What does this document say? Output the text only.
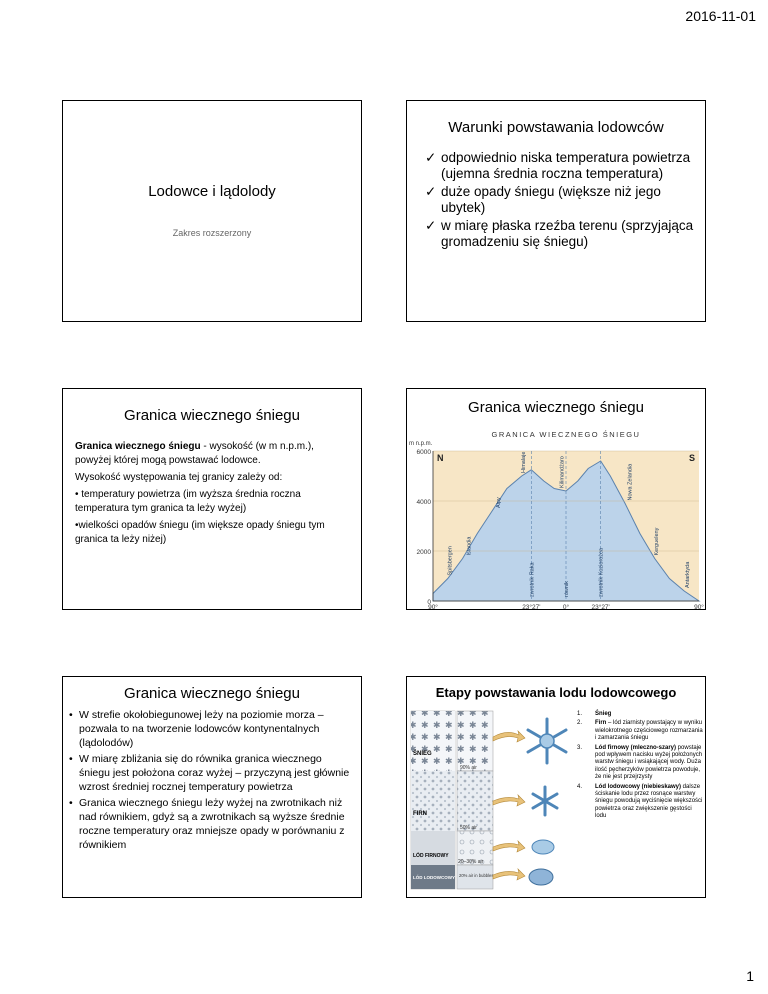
2016-11-01
Lodowce i lądolody
Zakres rozszerzony
Warunki powstawania lodowców
✓ odpowiednio niska temperatura powietrza (ujemna średnia roczna temperatura)
✓ duże opady śniegu (większe niż jego ubytek)
✓ w miarę płaska rzeźba terenu (sprzyjająca gromadzeniu się śniegu)
Granica wiecznego śniegu

Granica wiecznego śniegu - wysokość (w m n.p.m.), powyżej której mogą powstawać lodowce.

Wysokość występowania tej granicy zależy od:

• temperatury powietrza (im wyższa średnia roczna temperatura tym granica ta leży wyżej)

•wielkości opadów śniegu (im większe opady śniegu tym granica ta leży niżej)

Granica wiecznego śniegu
GRANICA WIECZNEGO ŚNIEGU
6000
4000
2000
0
m n.p.m.
N	S
90°	23°27'	0°	23°27'	90°
Spitsbergen
Islandia
Alpy
Himalaje
zwrotnik Raka
Kilimandżaro
równik	zwrotnik Koziorożca
Nowa Zelandia
Kergueleny
Antarktyda
Granica wiecznego śniegu
• W strefie okołobiegunowej leży na poziomie morza – pozwala to na tworzenie lodowców kontynentalnych (lądolodów)
• W miarę zbliżania się do równika granica wiecznego śniegu jest położona coraz wyżej – przyczyną jest głównie wzrost średniej rocznej temperatury powietrza
• Granica wiecznego śniegu leży wyżej na zwrotnikach niż nad równikiem, gdyż są a zwrotnikach są wyższe średnie roczne temperatury oraz mniejsze opady w porównaniu z równikiem
Etapy powstawania lodu lodowcowego
ŚNIEG
FIRN
LÓD FIRNOWY
LÓD LODOWCOWY
90% air
50% air
20–30% air
20% air in bubbles
1. Śnieg
2. Firn – lód ziarnisty powstający w wyniku wielokrotnego częściowego rozmarzania i zamarzania śniegu
3. Lód firnowy (mleczno-szary) powstaje pod wpływem nacisku wyżej położonych warstw śniegu i wsiąkającej wody. Duża ilość pęcherzyków powietrza powoduje, że nie jest przejrzysty
4. Lód lodowcowy (niebieskawy) dalsze ściskanie lodu przez rosnące warstwy śniegu powodują wyciśnięcie większości powietrza oraz zwiększenie gęstości lodu
1
